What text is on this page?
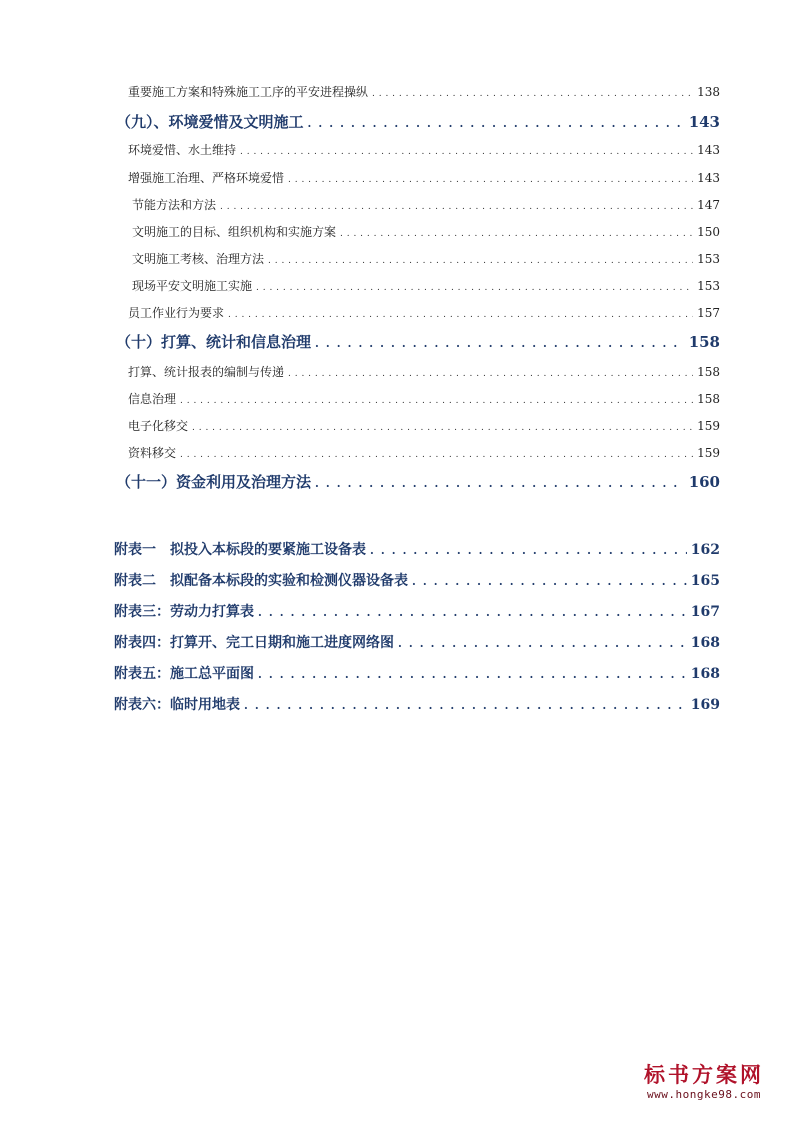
重要施工方案和特殊施工工序的平安进程操纵 . . .	138
（九）、环境爱惜及文明施工 . . .	143
环境爱惜、水土维持 . . .	143
增强施工治理、严格环境爱惜 . . .	143
节能方法和方法 . . .	147
文明施工的目标、组织机构和实施方案 . . .	150
文明施工考核、治理方法 . . .	153
现场平安文明施工实施 . . .	153
员工作业行为要求 . . .	157
（十）打算、统计和信息治理 . . .	158
打算、统计报表的编制与传递 . . .	158
信息治理 . . .	158
电子化移交 . . .	159
资料移交 . . .	159
（十一）资金利用及治理方法 . . .	160
附表一 拟投入本标段的要紧施工设备表 . . .	162
附表二 拟配备本标段的实验和检测仪器设备表 . . .	165
附表三：劳动力打算表 . . .	167
附表四：打算开、完工日期和施工进度网络图 . . .	168
附表五：施工总平面图 . . .	168
附表六：临时用地表 . . .	169
标书方案网
www.hongke98.com
